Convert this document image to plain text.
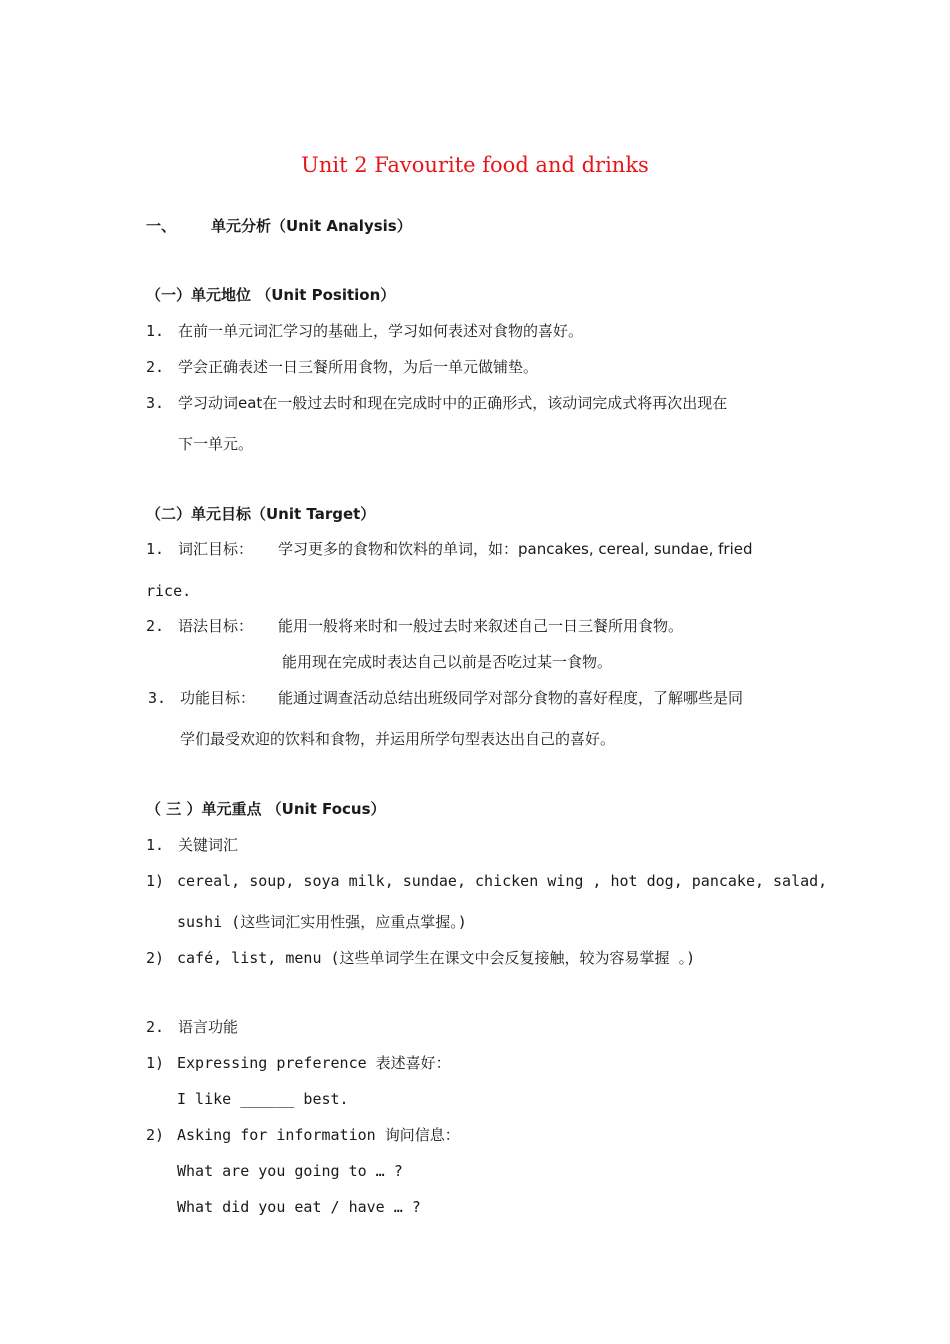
Unit 2 Favourite food and drinks
一、 单元分析（Unit Analysis）
（一）单元地位 （Unit Position）
1. 在前一单元词汇学习的基础上，学习如何表述对食物的喜好。
2. 学会正确表述一日三餐所用食物，为后一单元做铺垫。
3. 学习动词eat在一般过去时和现在完成时中的正确形式，该动词完成式将再次出现在
下一单元。
（二）单元目标（Unit Target）
1. 词汇目标： 学习更多的食物和饮料的单词，如：pancakes, cereal, sundae, fried
rice.
2. 语法目标： 能用一般将来时和一般过去时来叙述自己一日三餐所用食物。
能用现在完成时表达自己以前是否吃过某一食物。
3. 功能目标： 能通过调查活动总结出班级同学对部分食物的喜好程度，了解哪些是同
学们最受欢迎的饮料和食物，并运用所学句型表达出自己的喜好。
（ 三 ）单元重点 （Unit Focus）
1. 关键词汇
1) cereal, soup, soya milk, sundae, chicken wing , hot dog, pancake, salad,
sushi (这些词汇实用性强，应重点掌握。)
2) café, list, menu (这些单词学生在课文中会反复接触，较为容易掌握 。)
2. 语言功能
1) Expressing preference 表述喜好：
I like ______ best.
2) Asking for information 询问信息：
What are you going to … ?
What did you eat / have … ?
